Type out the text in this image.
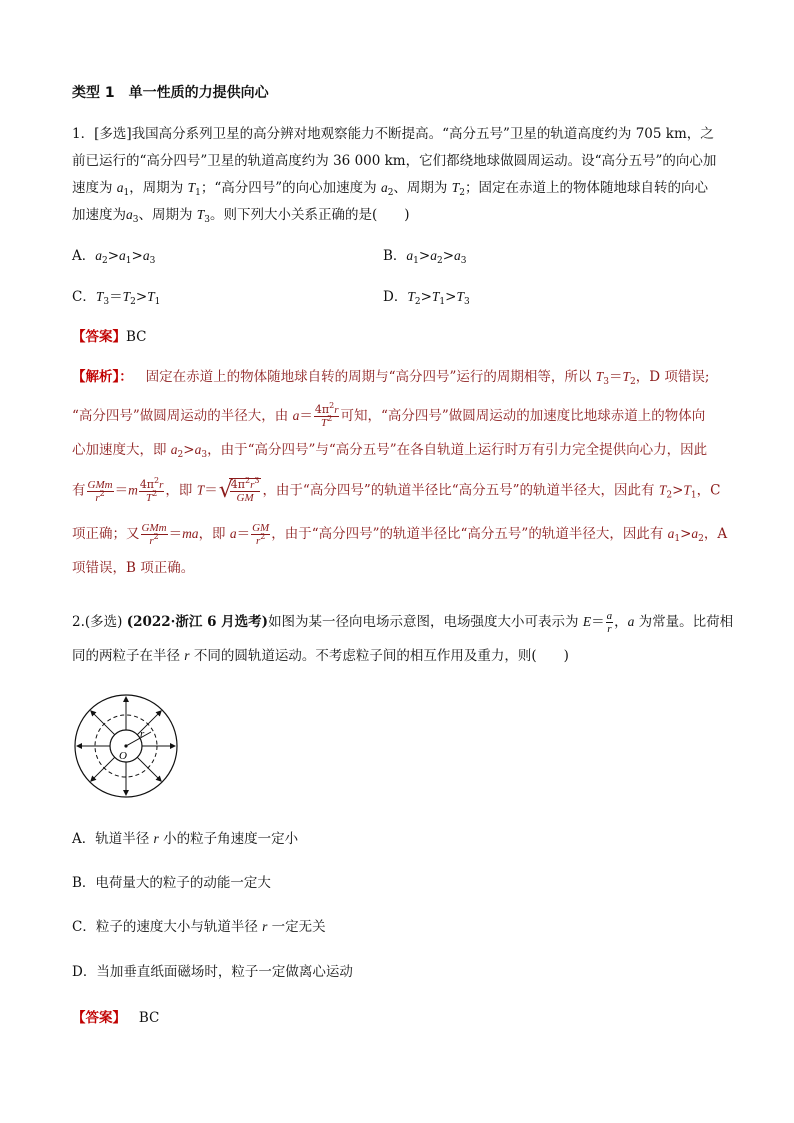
类型 1 单一性质的力提供向心
1．[多选]我国高分系列卫星的高分辨对地观察能力不断提高。“高分五号”卫星的轨道高度约为 705 km，之
前已运行的“高分四号”卫星的轨道高度约为 36 000 km，它们都绕地球做圆周运动。设“高分五号”的向心加
速度为 $a_1$，周期为 $T_1$；“高分四号”的向心加速度为 $a_2$、周期为 $T_2$；固定在赤道上的物体随地球自转的向心
加速度为$a_3$、周期为 $T_3$。则下列大小关系正确的是(　　)
A．$a_2>a_1>a_3$	B．$a_1>a_2>a_3$
C．$T_3=T_2>T_1$	D．$T_2>T_1>T_3$
【答案】BC
【解析】： 固定在赤道上的物体随地球自转的周期与“高分四号”运行的周期相等，所以 $T_3=T_2$，D 项错误;
“高分四号”做圆周运动的半径大，由 $a= \frac{4\pi^2r}{T^2}$ 可知，“高分四号”做圆周运动的加速度比地球赤道上的物体向
心加速度大，即 $a_2>a_3$，由于“高分四号”与“高分五号”在各自轨道上运行时万有引力完全提供向心力，因此
有 $\frac{\text{GMm}}{r^2} =m \frac{4\pi^2r}{T^2}$ ，即 T＝ √
$\frac{4\pi^2r^3}{GM}$ ，由于“高分四号”的轨道半径比“高分五号”的轨道半径大，因此有 $T_2>T_1$，C
项正确；又 $\frac{\text{GMm}}{r^2} =ma$，即 $a= \frac{GM}{r^2}$ ，由于“高分四号”的轨道半径比“高分五号”的轨道半径大，因此有 $a_1>a_2$，A
项错误，B 项正确。
2.(多选) (2022·浙江 6 月选考)如图为某一径向电场示意图，电场强度大小可表示为 $E= \frac{a}{r}$ ，a 为常量。比荷相
同的两粒子在半径 r 不同的圆轨道运动。不考虑粒子间的相互作用及重力，则(　　)
r
O
A．轨道半径 r 小的粒子角速度一定小
B．电荷量大的粒子的动能一定大
C．粒子的速度大小与轨道半径 r 一定无关
D．当加垂直纸面磁场时，粒子一定做离心运动
【答案】 BC
